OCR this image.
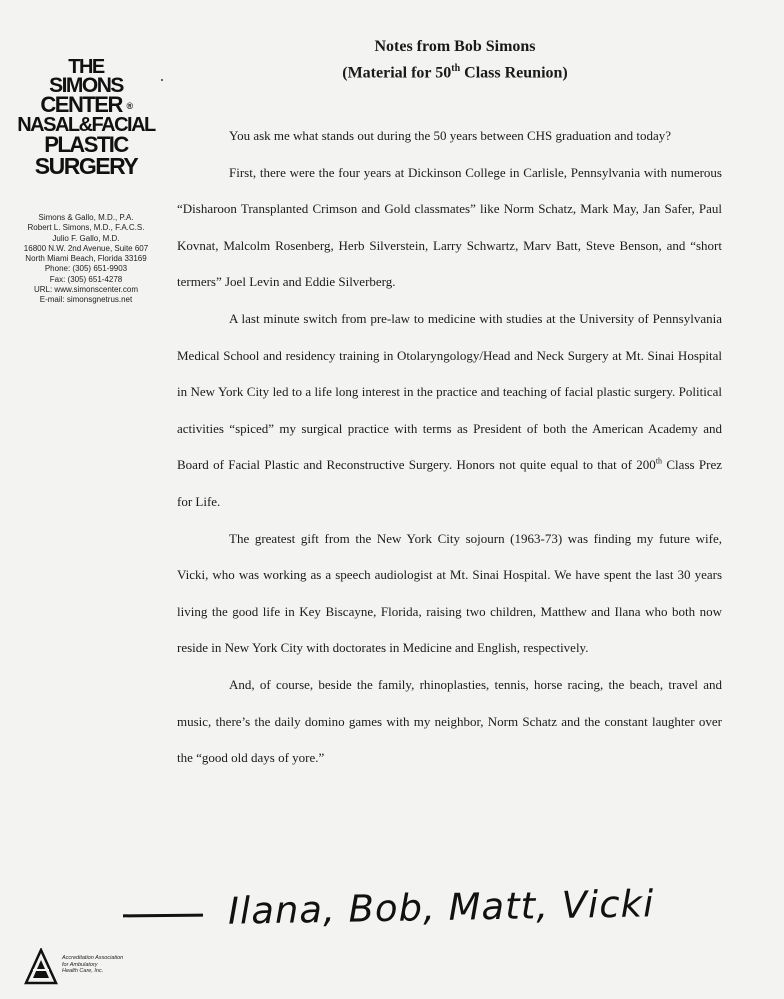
Notes from Bob Simons
(Material for 50th Class Reunion)
THE
SIMONS
CENTER ®
NASAL&FACIAL
PLASTIC
SURGERY
Simons & Gallo, M.D., P.A.
Robert L. Simons, M.D., F.A.C.S.
Julio F. Gallo, M.D.
16800 N.W. 2nd Avenue, Suite 607
North Miami Beach, Florida 33169
Phone: (305) 651-9903
Fax: (305) 651-4278
URL: www.simonscenter.com
E-mail: simonsgnetrus.net

You ask me what stands out during the 50 years between CHS graduation and today?

First, there were the four years at Dickinson College in Carlisle, Pennsylvania with numerous “Disharoon Transplanted Crimson and Gold classmates” like Norm Schatz, Mark May, Jan Safer, Paul Kovnat, Malcolm Rosenberg, Herb Silverstein, Larry Schwartz, Marv Batt, Steve Benson, and “short termers” Joel Levin and Eddie Silverberg.

A last minute switch from pre-law to medicine with studies at the University of Pennsylvania Medical School and residency training in Otolaryngology/Head and Neck Surgery at Mt. Sinai Hospital in New York City led to a life long interest in the practice and teaching of facial plastic surgery. Political activities “spiced” my surgical practice with terms as President of both the American Academy and Board of Facial Plastic and Reconstructive Surgery. Honors not quite equal to that of 200th Class Prez for Life.

The greatest gift from the New York City sojourn (1963-73) was finding my future wife, Vicki, who was working as a speech audiologist at Mt. Sinai Hospital. We have spent the last 30 years living the good life in Key Biscayne, Florida, raising two children, Matthew and Ilana who both now reside in New York City with doctorates in Medicine and English, respectively.

And, of course, beside the family, rhinoplasties, tennis, horse racing, the beach, travel and music, there’s the daily domino games with my neighbor, Norm Schatz and the constant laughter over the “good old days of yore.”

Ilana, Bob, Matt, Vicki
Accreditation Association
for Ambulatory
Health Care, Inc.
